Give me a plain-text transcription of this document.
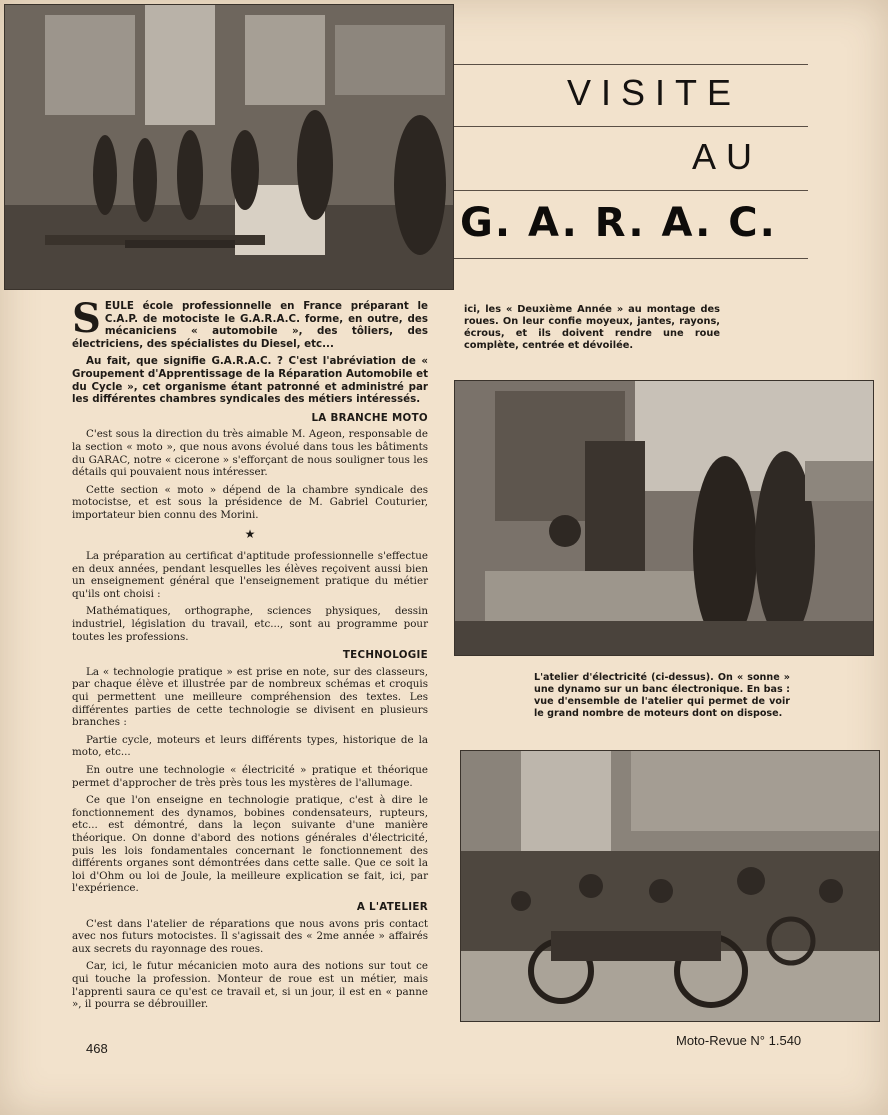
VISITE
AU
G. A. R. A. C.

SEULE école professionnelle en France préparant le C.A.P. de motociste le G.A.R.A.C. forme, en outre, des mécaniciens « automobile », des tôliers, des électriciens, des spécialistes du Diesel, etc...

Au fait, que signifie G.A.R.A.C. ? C'est l'abréviation de « Groupement d'Apprentissage de la Réparation Automobile et du Cycle », cet organisme étant patronné et administré par les différentes chambres syndicales des métiers intéressés.

LA BRANCHE MOTO

C'est sous la direction du très aimable M. Ageon, responsable de la section « moto », que nous avons évolué dans tous les bâtiments du GARAC, notre « cicerone » s'efforçant de nous souligner tous les détails qui pouvaient nous intéresser.

Cette section « moto » dépend de la chambre syndicale des motocistse, et est sous la présidence de M. Gabriel Couturier, importateur bien connu des Morini.

★

La préparation au certificat d'aptitude professionnelle s'effectue en deux années, pendant lesquelles les élèves reçoivent aussi bien un enseignement général que l'enseignement pratique du métier qu'ils ont choisi :

Mathématiques, orthographe, sciences physiques, dessin industriel, législation du travail, etc..., sont au programme pour toutes les professions.

TECHNOLOGIE

La « technologie pratique » est prise en note, sur des classeurs, par chaque élève et illustrée par de nombreux schémas et croquis qui permettent une meilleure compréhension des textes. Les différentes parties de cette technologie se divisent en plusieurs branches :

Partie cycle, moteurs et leurs différents types, historique de la moto, etc...

En outre une technologie « électricité » pratique et théorique permet d'approcher de très près tous les mystères de l'allumage.

Ce que l'on enseigne en technologie pratique, c'est à dire le fonctionnement des dynamos, bobines condensateurs, rupteurs, etc... est démontré, dans la leçon suivante d'une manière théorique. On donne d'abord des notions générales d'électricité, puis les lois fondamentales concernant le fonctionnement des différents organes sont démontrées dans cette salle. Que ce soit la loi d'Ohm ou loi de Joule, la meilleure explication se fait, ici, par l'expérience.

A L'ATELIER

C'est dans l'atelier de réparations que nous avons pris contact avec nos futurs motocistes. Il s'agissait des « 2me année » affairés aux secrets du rayonnage des roues.

Car, ici, le futur mécanicien moto aura des notions sur tout ce qui touche la profession. Monteur de roue est un métier, mais l'apprenti saura ce qu'est ce travail et, si un jour, il est en « panne », il pourra se débrouiller.

ici, les « Deuxième Année » au montage des roues. On leur confie moyeux, jantes, rayons, écrous, et ils doivent rendre une roue complète, centrée et dévoilée.

L'atelier d'électricité (ci-dessus). On « sonne » une dynamo sur un banc électronique. En bas : vue d'ensemble de l'atelier qui permet de voir le grand nombre de moteurs dont on dispose.
468
Moto-Revue N° 1.540
